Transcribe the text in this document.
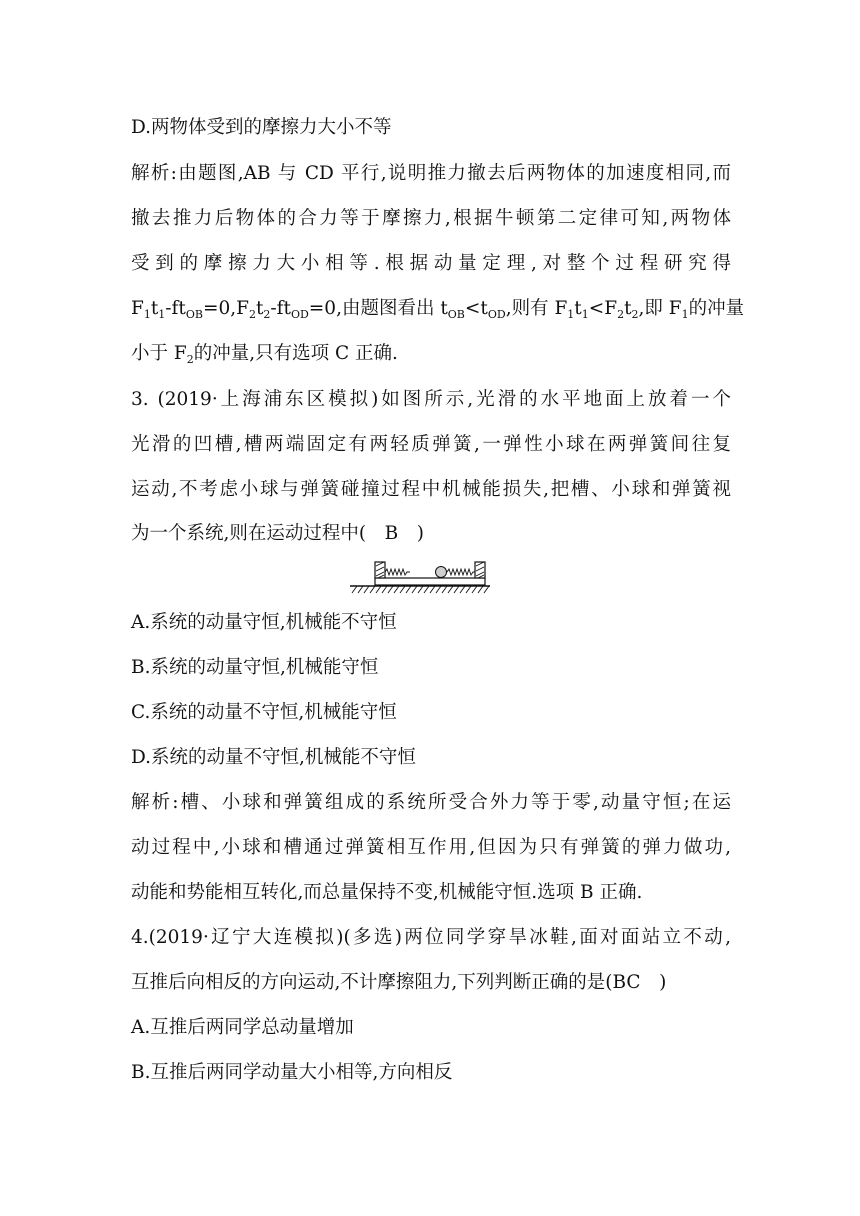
D.两物体受到的摩擦力大小不等
解析:由题图,AB 与 CD 平行,说明推力撤去后两物体的加速度相同,而
撤去推力后物体的合力等于摩擦力,根据牛顿第二定律可知,两物体
受到的摩擦力大小相等.根据动量定理,对整个过程研究得
$F_1t_1-ft_{OB}=0,F_2t_2-ft_{OD}=0$,由题图看出 $t_{OB}<t_{OD}$,则有 $F_1t_1<F_2t_2$,即 $F_1$的冲量
小于 $F_2$的冲量,只有选项 C 正确.
3. (2019·上海浦东区模拟)如图所示,光滑的水平地面上放着一个
光滑的凹槽,槽两端固定有两轻质弹簧,一弹性小球在两弹簧间往复
运动,不考虑小球与弹簧碰撞过程中机械能损失,把槽、小球和弹簧视
为一个系统,则在运动过程中(　B　)
A.系统的动量守恒,机械能不守恒
B.系统的动量守恒,机械能守恒
C.系统的动量不守恒,机械能守恒
D.系统的动量不守恒,机械能不守恒
解析:槽、小球和弹簧组成的系统所受合外力等于零,动量守恒;在运
动过程中,小球和槽通过弹簧相互作用,但因为只有弹簧的弹力做功,
动能和势能相互转化,而总量保持不变,机械能守恒.选项 B 正确.
4.(2019·辽宁大连模拟)(多选)两位同学穿旱冰鞋,面对面站立不动,
互推后向相反的方向运动,不计摩擦阻力,下列判断正确的是(BC　)
A.互推后两同学总动量增加
B.互推后两同学动量大小相等,方向相反
